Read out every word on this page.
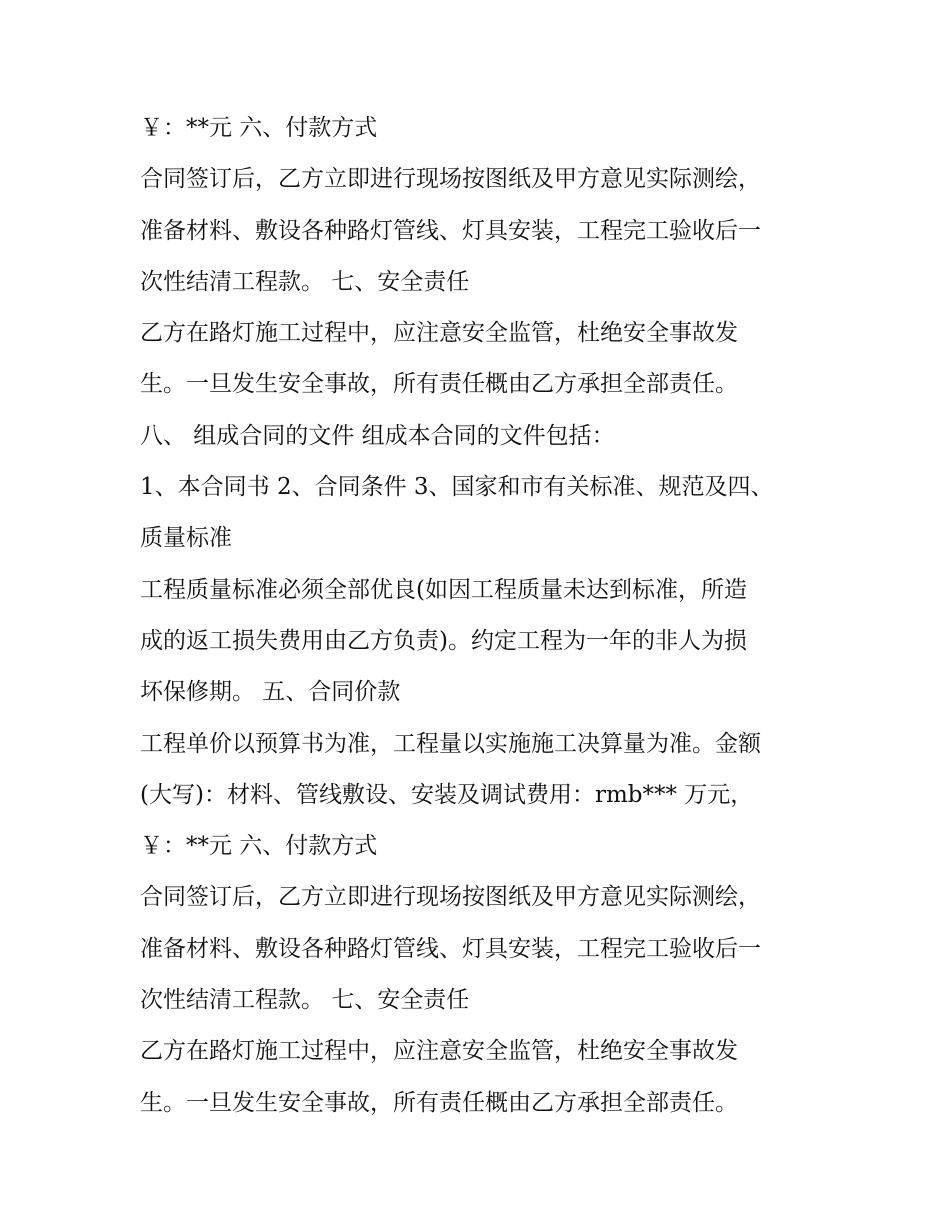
￥：**元 六、付款方式

合同签订后，乙方立即进行现场按图纸及甲方意见实际测绘，

准备材料、敷设各种路灯管线、灯具安装，工程完工验收后一

次性结清工程款。 七、安全责任

乙方在路灯施工过程中，应注意安全监管，杜绝安全事故发

生。一旦发生安全事故，所有责任概由乙方承担全部责任。

八、 组成合同的文件 组成本合同的文件包括：

1、本合同书 2、合同条件 3、国家和市有关标准、规范及四、

质量标准

工程质量标准必须全部优良(如因工程质量未达到标准，所造

成的返工损失费用由乙方负责)。约定工程为一年的非人为损

坏保修期。 五、合同价款

工程单价以预算书为准，工程量以实施施工决算量为准。金额

(大写)：材料、管线敷设、安装及调试费用：rmb*** 万元，

￥：**元 六、付款方式

合同签订后，乙方立即进行现场按图纸及甲方意见实际测绘，

准备材料、敷设各种路灯管线、灯具安装，工程完工验收后一

次性结清工程款。 七、安全责任

乙方在路灯施工过程中，应注意安全监管，杜绝安全事故发

生。一旦发生安全事故，所有责任概由乙方承担全部责任。
